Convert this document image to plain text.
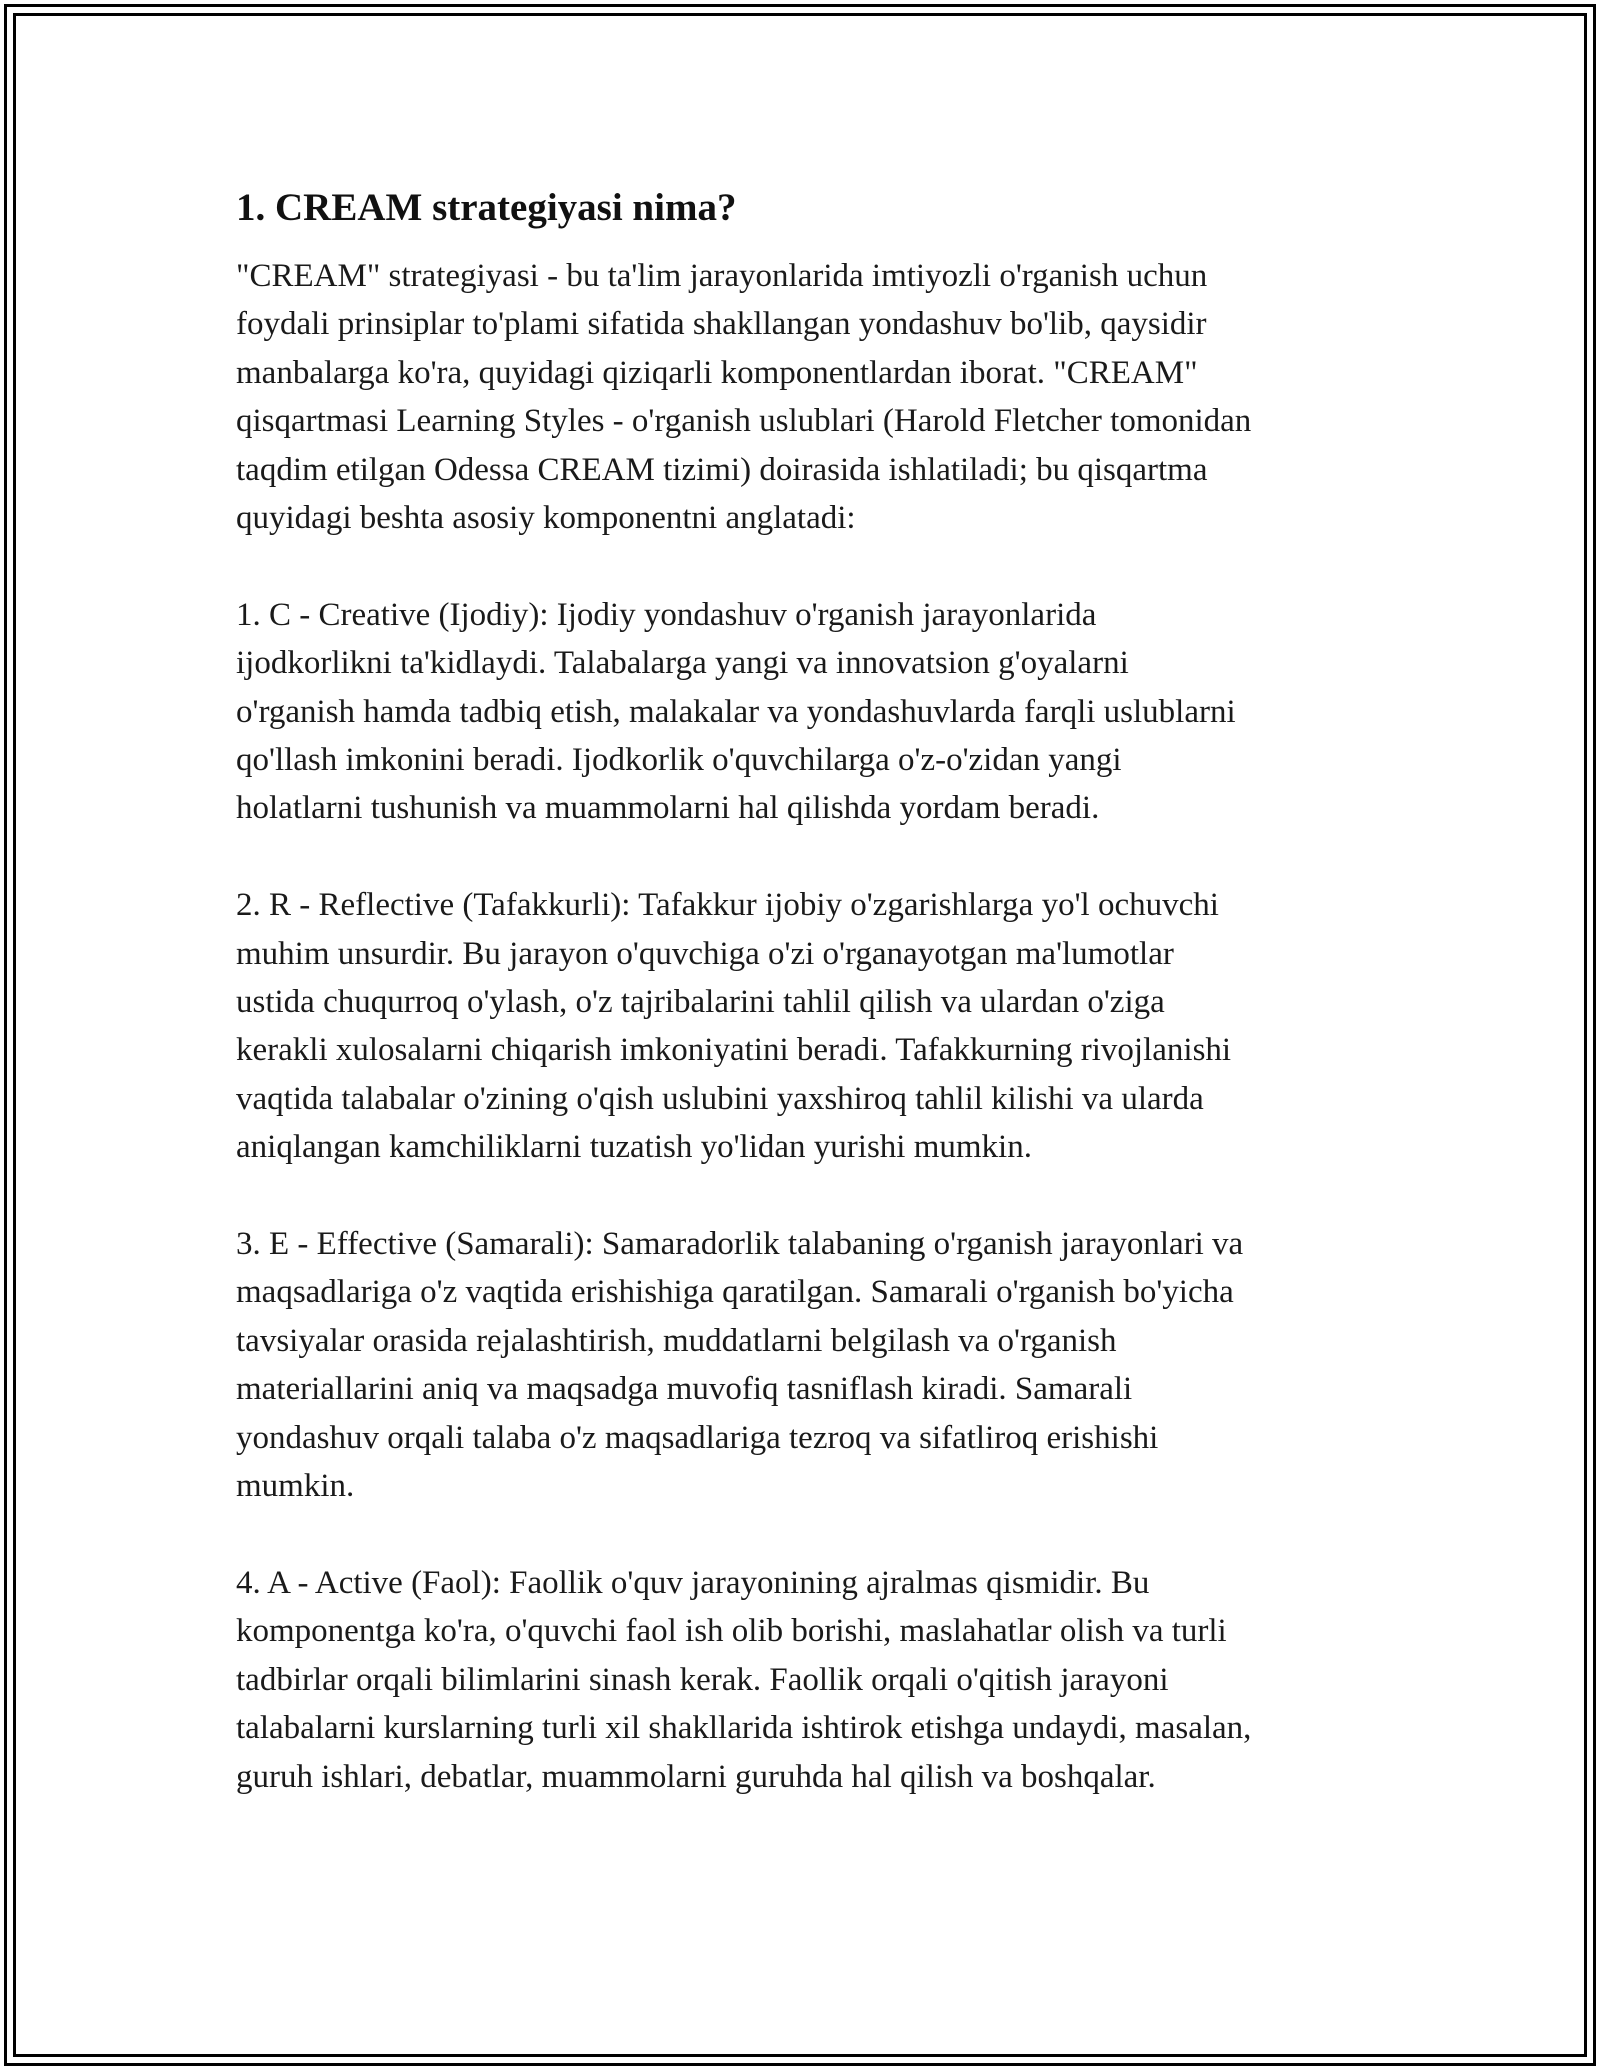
1. CREAM strategiyasi nima?

"CREAM" strategiyasi - bu ta'lim jarayonlarida imtiyozli o'rganish uchun
foydali prinsiplar to'plami sifatida shakllangan yondashuv bo'lib, qaysidir
manbalarga ko'ra, quyidagi qiziqarli komponentlardan iborat. "CREAM"
qisqartmasi Learning Styles - o'rganish uslublari (Harold Fletcher tomonidan
taqdim etilgan Odessa CREAM tizimi) doirasida ishlatiladi; bu qisqartma
quyidagi beshta asosiy komponentni anglatadi:

1. C - Creative (Ijodiy): Ijodiy yondashuv o'rganish jarayonlarida
ijodkorlikni ta'kidlaydi. Talabalarga yangi va innovatsion g'oyalarni
o'rganish hamda tadbiq etish, malakalar va yondashuvlarda farqli uslublarni
qo'llash imkonini beradi. Ijodkorlik o'quvchilarga o'z-o'zidan yangi
holatlarni tushunish va muammolarni hal qilishda yordam beradi.

2. R - Reflective (Tafakkurli): Tafakkur ijobiy o'zgarishlarga yo'l ochuvchi
muhim unsurdir. Bu jarayon o'quvchiga o'zi o'rganayotgan ma'lumotlar
ustida chuqurroq o'ylash, o'z tajribalarini tahlil qilish va ulardan o'ziga
kerakli xulosalarni chiqarish imkoniyatini beradi. Tafakkurning rivojlanishi
vaqtida talabalar o'zining o'qish uslubini yaxshiroq tahlil kilishi va ularda
aniqlangan kamchiliklarni tuzatish yo'lidan yurishi mumkin.

3. E - Effective (Samarali): Samaradorlik talabaning o'rganish jarayonlari va
maqsadlariga o'z vaqtida erishishiga qaratilgan. Samarali o'rganish bo'yicha
tavsiyalar orasida rejalashtirish, muddatlarni belgilash va o'rganish
materiallarini aniq va maqsadga muvofiq tasniflash kiradi. Samarali
yondashuv orqali talaba o'z maqsadlariga tezroq va sifatliroq erishishi
mumkin.

4. A - Active (Faol): Faollik o'quv jarayonining ajralmas qismidir. Bu
komponentga ko'ra, o'quvchi faol ish olib borishi, maslahatlar olish va turli
tadbirlar orqali bilimlarini sinash kerak. Faollik orqali o'qitish jarayoni
talabalarni kurslarning turli xil shakllarida ishtirok etishga undaydi, masalan,
guruh ishlari, debatlar, muammolarni guruhda hal qilish va boshqalar.
